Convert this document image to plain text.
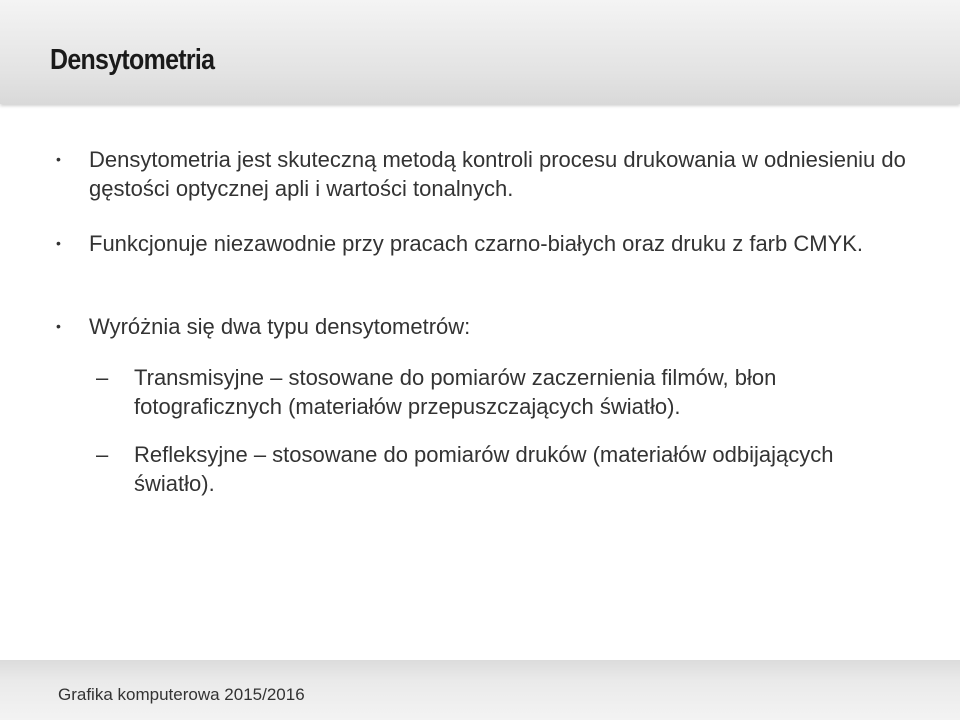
Densytometria
• Densytometria jest skuteczną metodą kontroli procesu drukowania w odniesieniu do gęstości optycznej apli i wartości tonalnych.
• Funkcjonuje niezawodnie przy pracach czarno-białych oraz druku z farb CMYK.
• Wyróżnia się dwa typu densytometrów:
– Transmisyjne – stosowane do pomiarów zaczernienia filmów, błon fotograficznych (materiałów przepuszczających światło).
– Refleksyjne – stosowane do pomiarów druków (materiałów odbijających światło).
Grafika komputerowa 2015/2016
